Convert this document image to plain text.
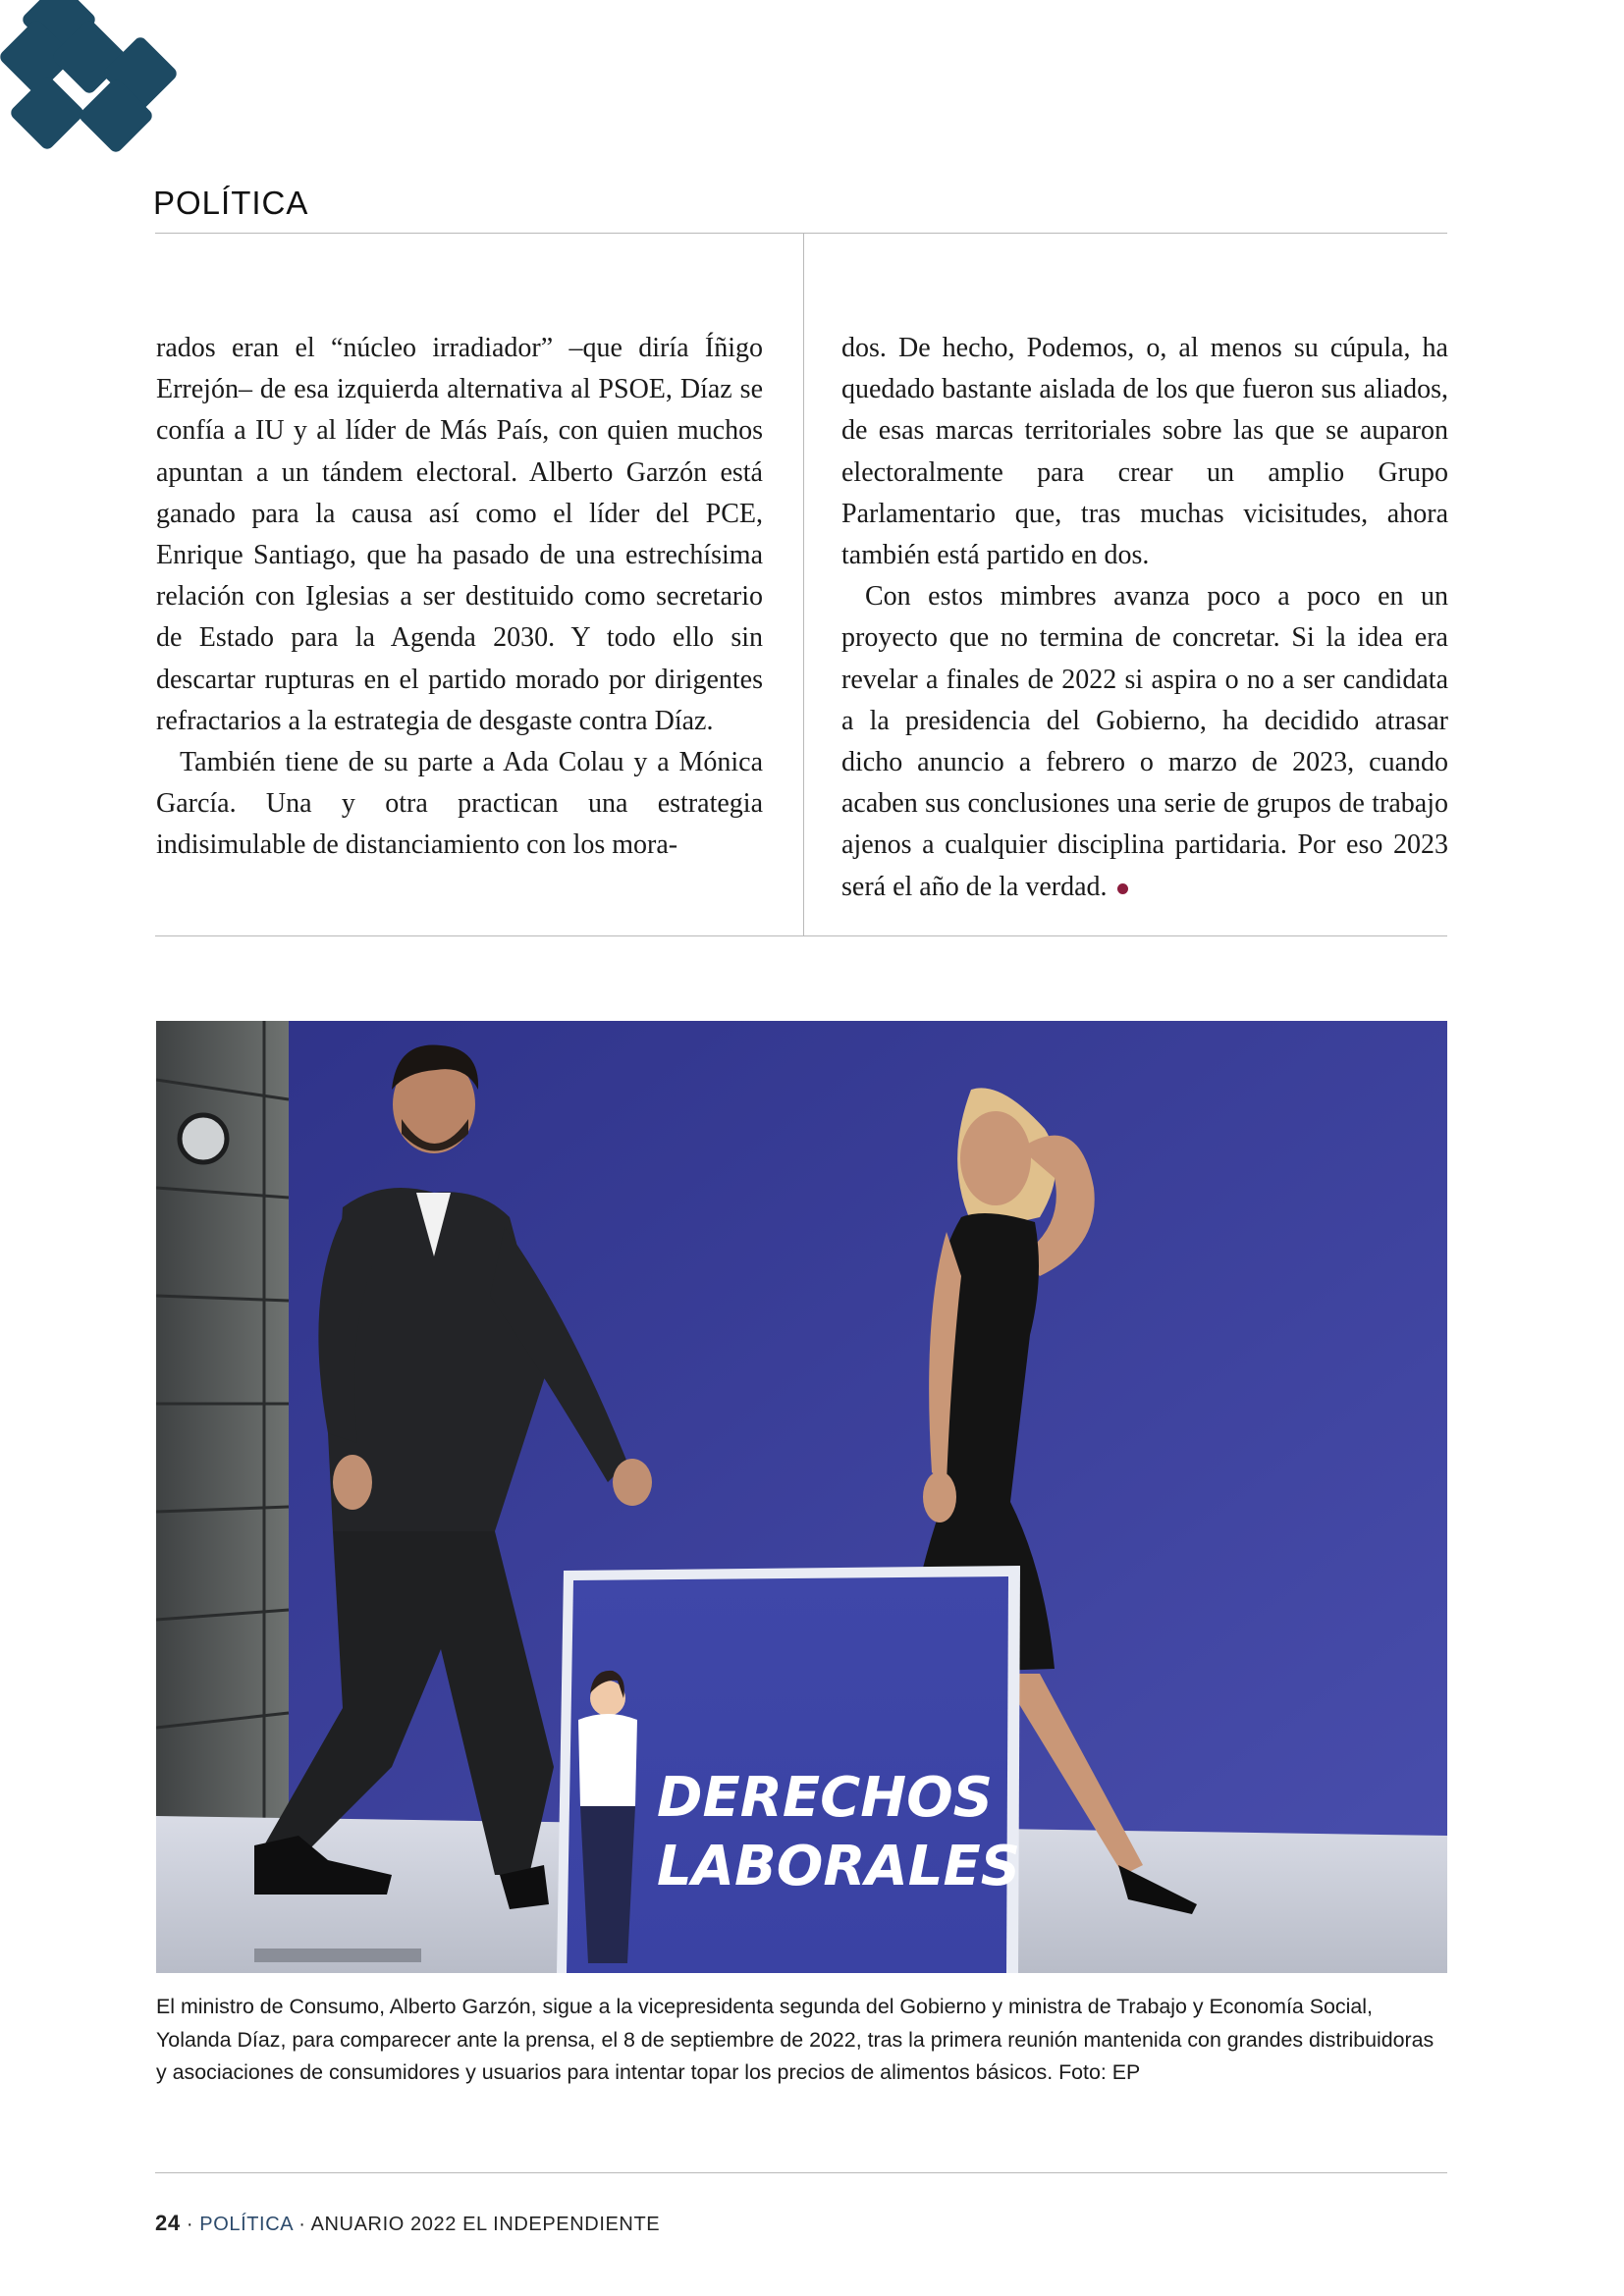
POLÍTICA

rados eran el “núcleo irradiador” –que diría Íñigo Errejón– de esa izquierda alternativa al PSOE, Díaz se confía a IU y al líder de Más País, con quien muchos apuntan a un tándem electoral. Alberto Garzón está ganado para la causa así como el líder del PCE, Enrique Santiago, que ha pasado de una estrechísima relación con Iglesias a ser destituido como secretario de Estado para la Agenda 2030. Y todo ello sin descartar rupturas en el partido morado por dirigentes refractarios a la estrategia de desgaste contra Díaz.

También tiene de su parte a Ada Colau y a Mónica García. Una y otra practican una estrategia indisimulable de distanciamiento con los mora-

dos. De hecho, Podemos, o, al menos su cúpula, ha quedado bastante aislada de los que fueron sus aliados, de esas marcas territoriales sobre las que se auparon electoralmente para crear un amplio Grupo Parlamentario que, tras muchas vicisitudes, ahora también está partido en dos.

Con estos mimbres avanza poco a poco en un proyecto que no termina de concretar. Si la idea era revelar a finales de 2022 si aspira o no a ser candidata a la presidencia del Gobierno, ha decidido atrasar dicho anuncio a febrero o marzo de 2023, cuando acaben sus conclusiones una serie de grupos de trabajo ajenos a cualquier disciplina partidaria. Por eso 2023 será el año de la verdad.

DERECHOS
LABORALES
El ministro de Consumo, Alberto Garzón, sigue a la vicepresidenta segunda del Gobierno y ministra de Trabajo y Economía Social, Yolanda Díaz, para comparecer ante la prensa, el 8 de septiembre de 2022, tras la primera reunión mantenida con grandes distribuidoras y asociaciones de consumidores y usuarios para intentar topar los precios de alimentos básicos. Foto: EP
24 · POLÍTICA · ANUARIO 2022 EL INDEPENDIENTE
